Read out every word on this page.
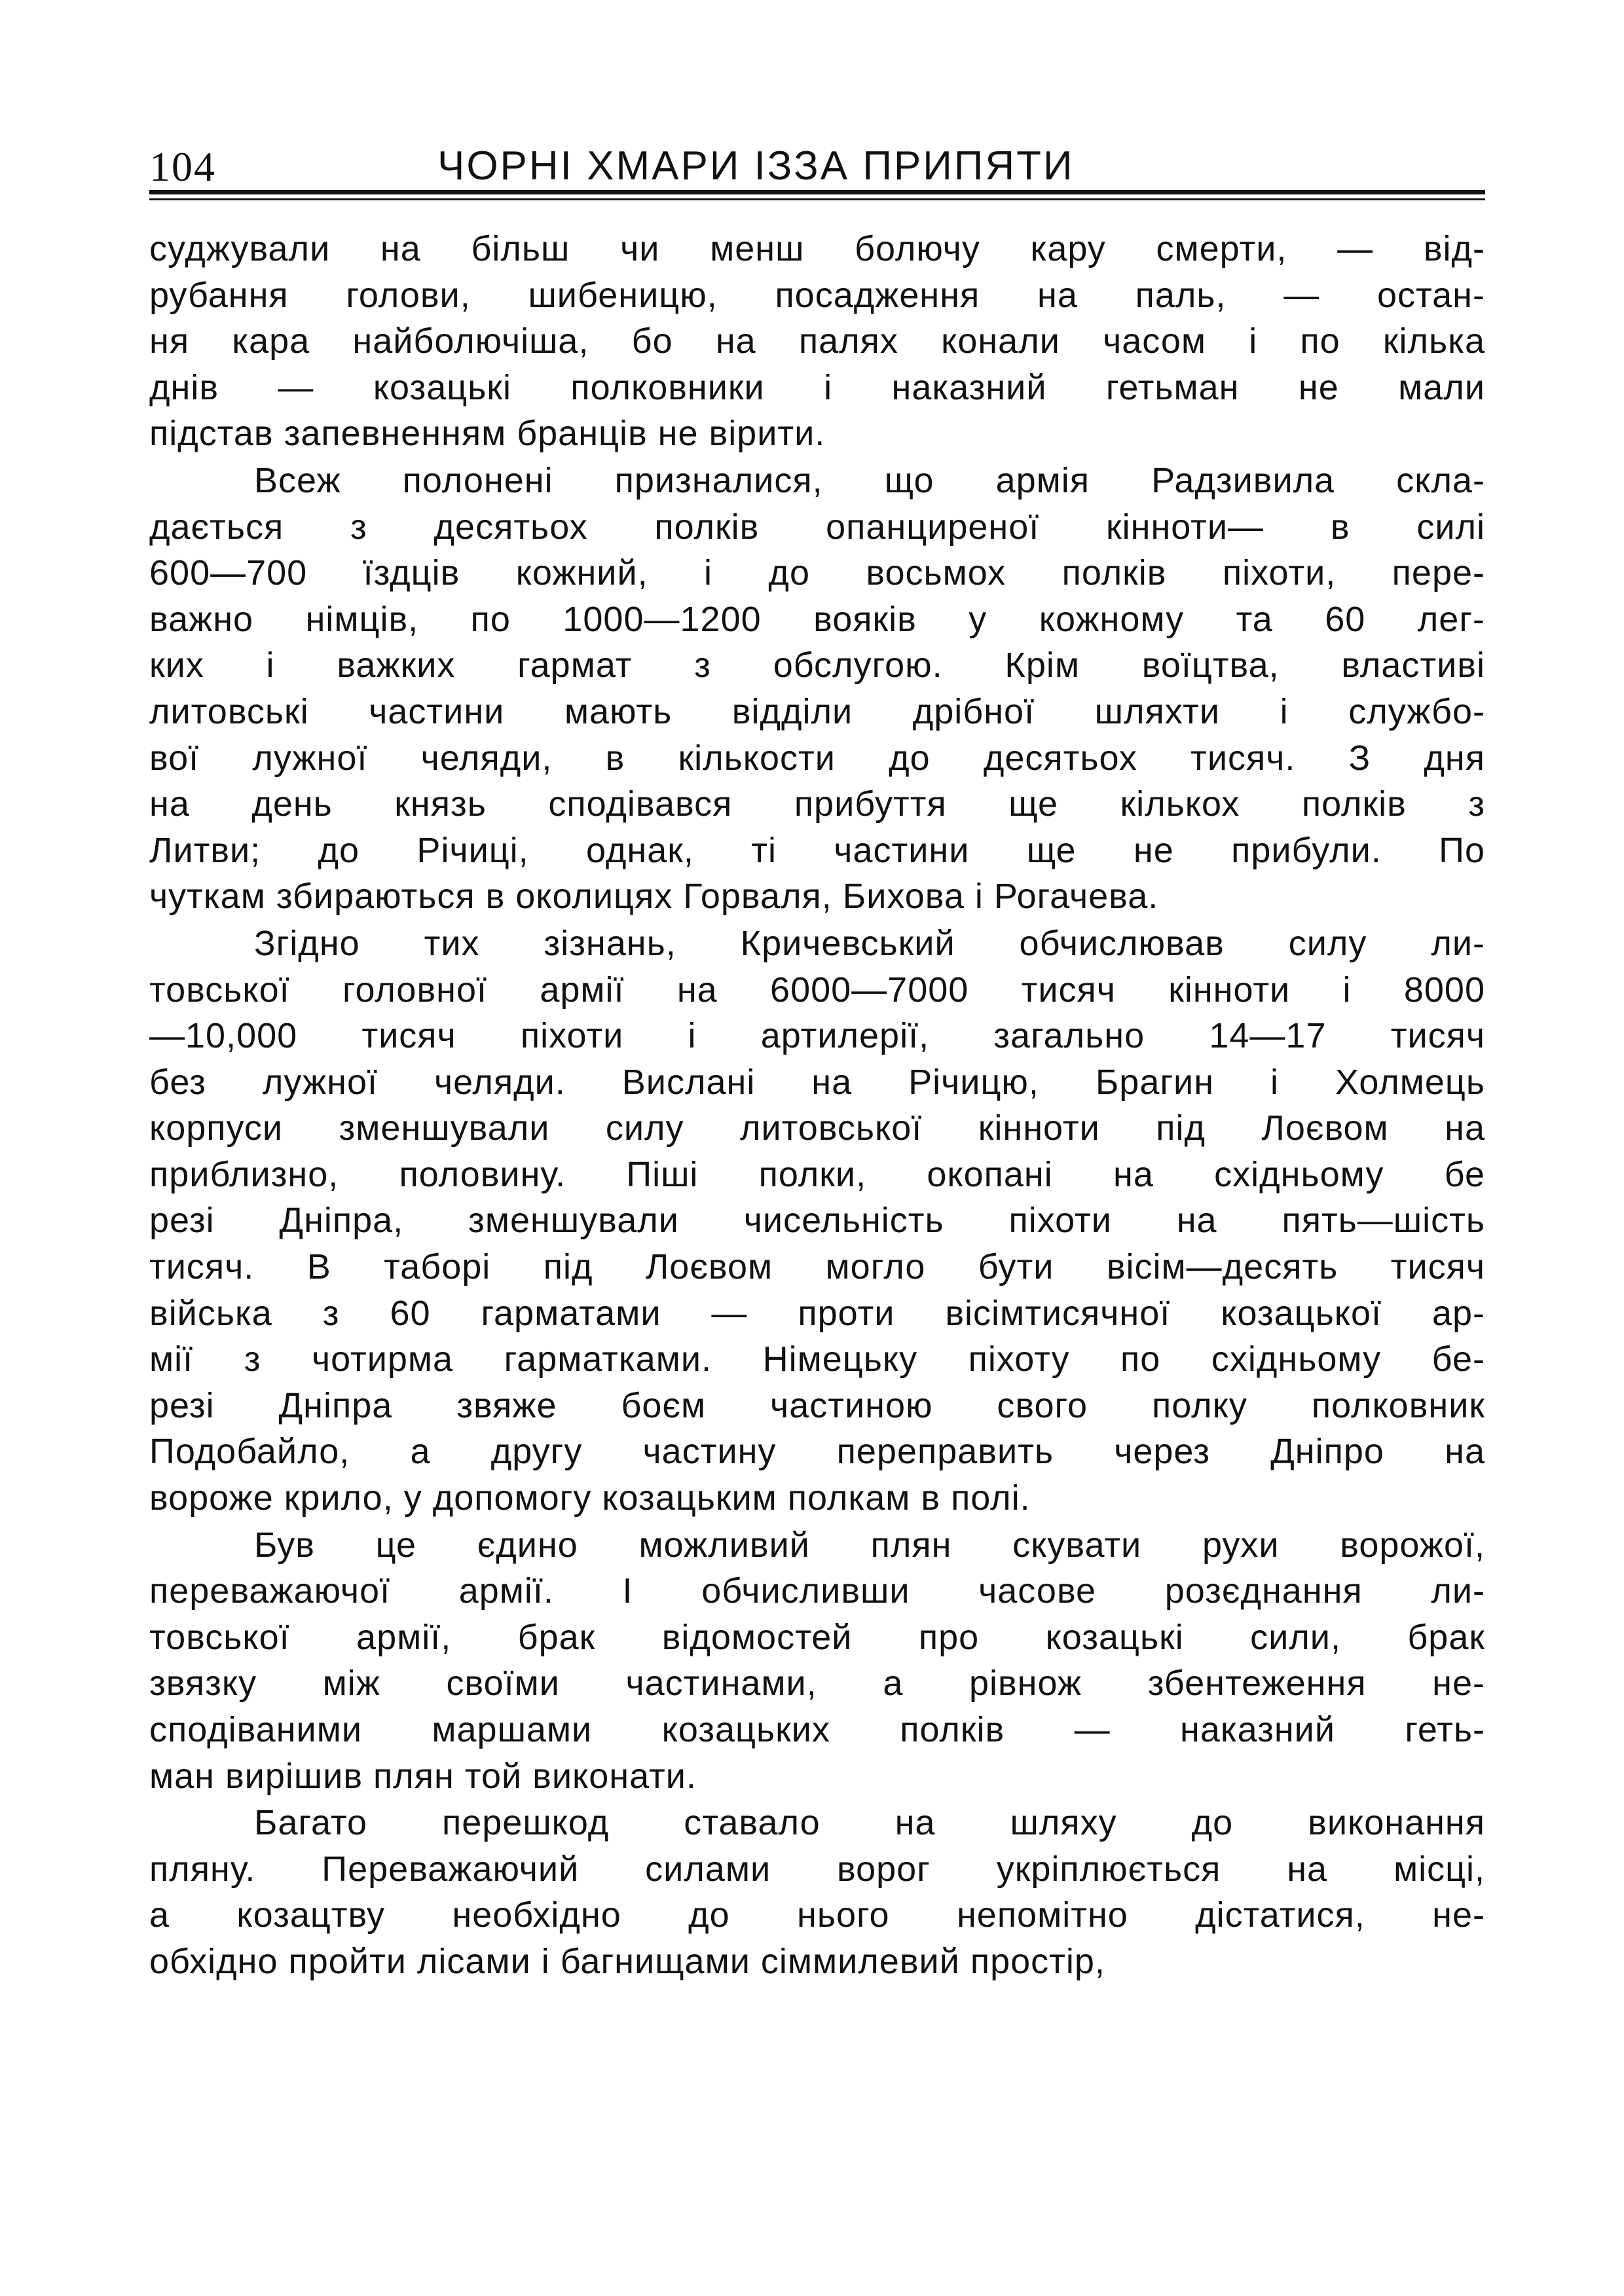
104	ЧОРНІ ХМАРИ ІЗЗА ПРИПЯТИ
суджували на більш чи менш болючу кару смерти, — від-
рубання голови, шибеницю, посадження на паль, — остан-
ня кара найболючіша, бо на палях конали часом і по кілька
днів — козацькі полковники і наказний гетьман не мали
підстав запевненням бранців не вірити.
Всеж полонені призналися, що армія Радзивила скла-
дається з десятьох полків опанциреної кінноти— в силі
600—700 їздців кожний, і до восьмох полків піхоти, пере-
важно німців, по 1000—1200 вояків у кожному та 60 лег-
ких і важких гармат з обслугою. Крім воїцтва, властиві
литовські частини мають відділи дрібної шляхти і службо-
вої лужної челяди, в кількости до десятьох тисяч. З дня
на день князь сподівався прибуття ще кількох полків з
Литви; до Річиці, однак, ті частини ще не прибули. По
чуткам збираються в околицях Горваля, Бихова і Рогачева.
Згідно тих зізнань, Кричевський обчислював силу ли-
товської головної армії на 6000—7000 тисяч кінноти і 8000
—10,000 тисяч піхоти і артилерії, загально 14—17 тисяч
без лужної челяди. Вислані на Річицю, Брагин і Холмець
корпуси зменшували силу литовської кінноти під Лоєвом на
приблизно, половину. Піші полки, окопані на східньому бе
резі Дніпра, зменшували чисельність піхоти на пять—шість
тисяч. В таборі під Лоєвом могло бути вісім—десять тисяч
війська з 60 гарматами — проти вісімтисячної козацької ар-
мії з чотирма гарматками. Німецьку піхоту по східньому бе-
резі Дніпра звяже боєм частиною свого полку полковник
Подобайло, а другу частину переправить через Дніпро на
вороже крило, у допомогу козацьким полкам в полі.
Був це єдино можливий плян скувати рухи ворожої,
переважаючої армії. І обчисливши часове розєднання ли-
товської армії, брак відомостей про козацькі сили, брак
звязку між своїми частинами, а рівнож збентеження не-
сподіваними маршами козацьких полків — наказний геть-
ман вирішив плян той виконати.
Багато перешкод ставало на шляху до виконання
пляну. Переважаючий силами ворог укріплюється на місці,
а козацтву необхідно до нього непомітно дістатися, не-
обхідно пройти лісами і багнищами сіммилевий простір,
